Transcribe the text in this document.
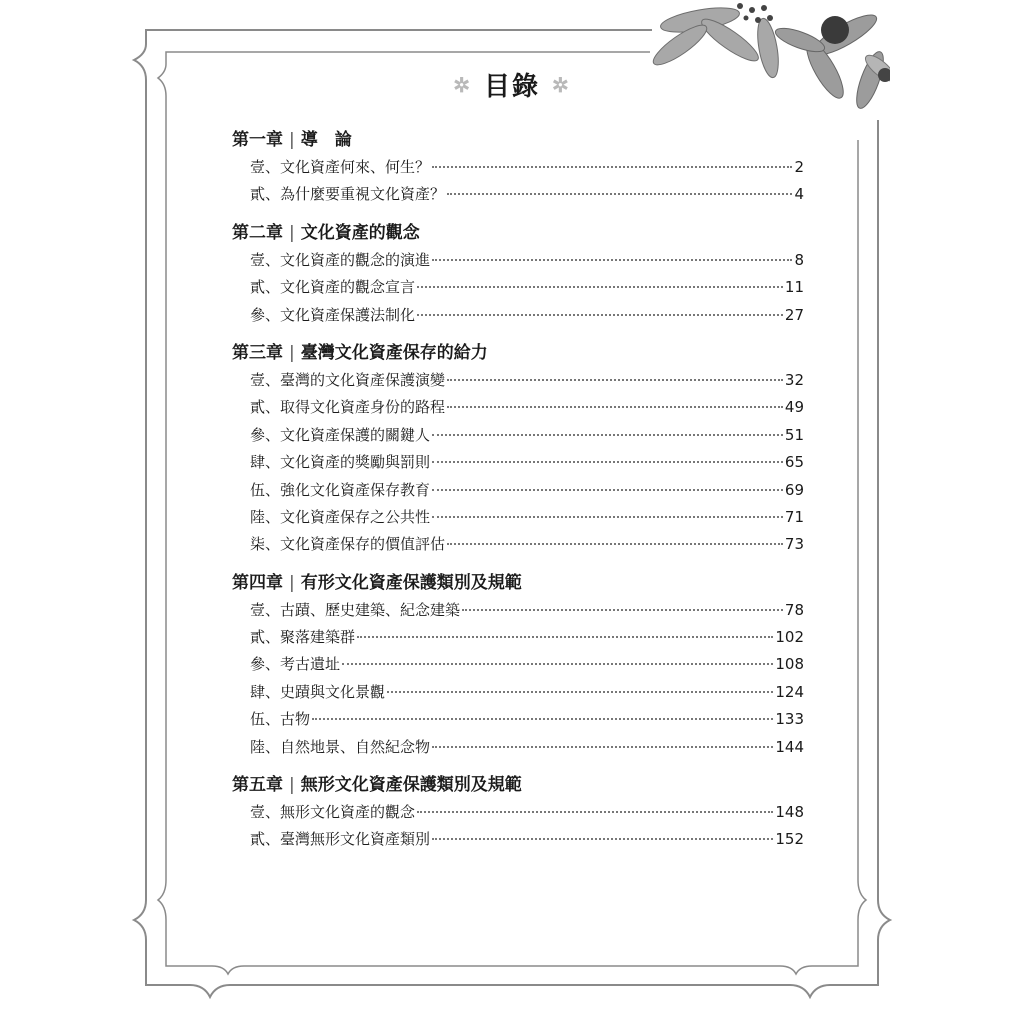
✲ 目錄 ✲
第一章 | 導　論
壹、文化資產何來、何生？	2
貳、為什麼要重視文化資產？	4
第二章 | 文化資產的觀念
壹、文化資產的觀念的演進	8
貳、文化資產的觀念宣言	11
參、文化資產保護法制化	27
第三章 | 臺灣文化資產保存的給力
壹、臺灣的文化資產保護演變	32
貳、取得文化資產身份的路程	49
參、文化資產保護的關鍵人	51
肆、文化資產的獎勵與罰則	65
伍、強化文化資產保存教育	69
陸、文化資產保存之公共性	71
柒、文化資產保存的價值評估	73
第四章 | 有形文化資產保護類別及規範
壹、古蹟、歷史建築、紀念建築	78
貳、聚落建築群	102
參、考古遺址	108
肆、史蹟與文化景觀	124
伍、古物	133
陸、自然地景、自然紀念物	144
第五章 | 無形文化資產保護類別及規範
壹、無形文化資產的觀念	148
貳、臺灣無形文化資產類別	152
